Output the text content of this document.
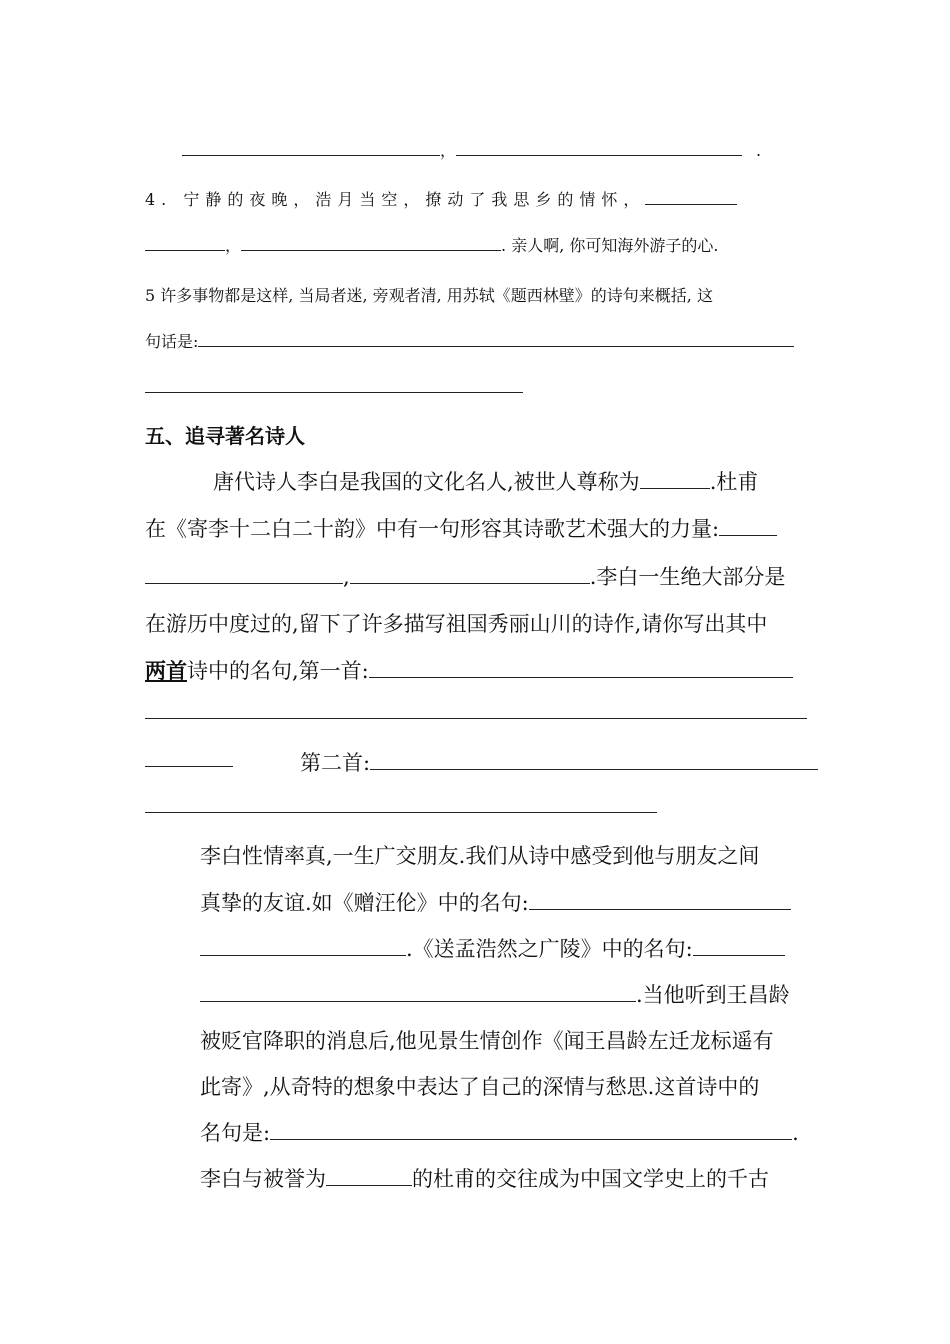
，	.
4. 宁静的夜晚，浩月当空，撩动了我思乡的情怀，
，	. 亲人啊, 你可知海外游子的心.
5 许多事物都是这样, 当局者迷, 旁观者清, 用苏轼《题西林壁》的诗句来概括, 这
句话是:
五、追寻著名诗人
唐代诗人李白是我国的文化名人,被世人尊称为	.杜甫
在《寄李十二白二十韵》中有一句形容其诗歌艺术强大的力量:
,	.李白一生绝大部分是
在游历中度过的,留下了许多描写祖国秀丽山川的诗作,请你写出其中
两首诗中的名句,第一首:
第二首:
李白性情率真,一生广交朋友.我们从诗中感受到他与朋友之间
真挚的友谊.如《赠汪伦》中的名句:
.《送孟浩然之广陵》中的名句:
.当他听到王昌龄
被贬官降职的消息后,他见景生情创作《闻王昌龄左迁龙标遥有
此寄》,从奇特的想象中表达了自己的深情与愁思.这首诗中的
名句是:	.
李白与被誉为	的杜甫的交往成为中国文学史上的千古
